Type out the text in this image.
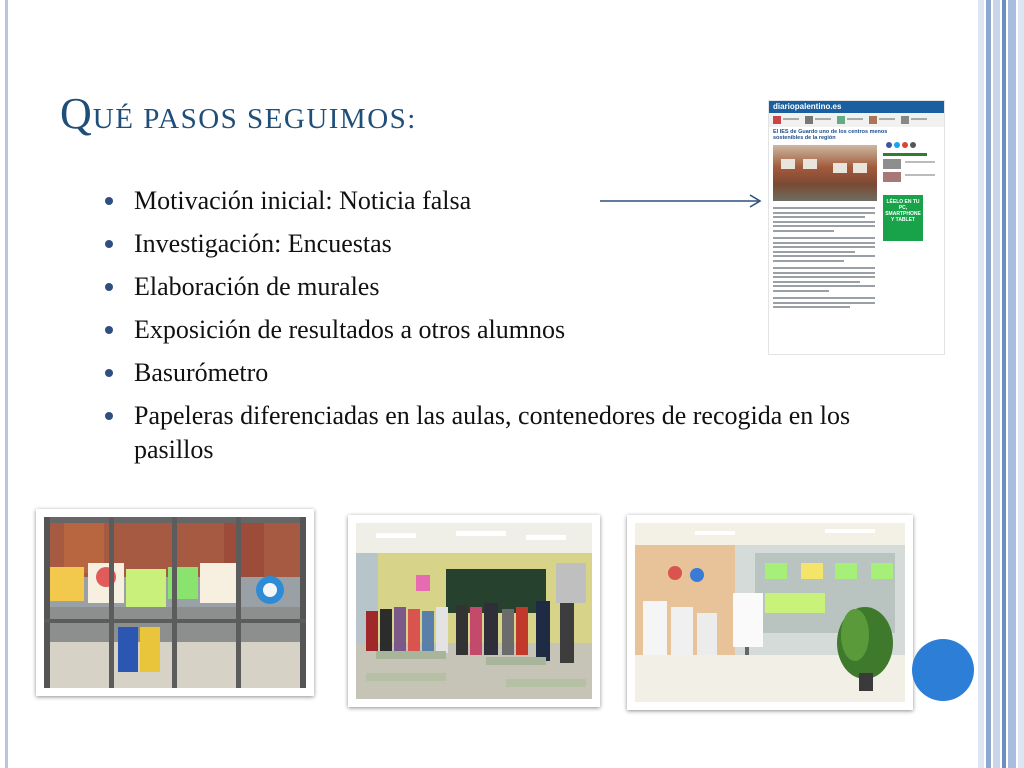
QUÉ PASOS SEGUIMOS:
Motivación inicial: Noticia falsa
Investigación: Encuestas
Elaboración de murales
Exposición de resultados a otros alumnos
Basurómetro
Papeleras diferenciadas en las aulas, contenedores de recogida en los pasillos
diariopalentino.es
El IES de Guardo uno de los centros menos sostenibles de la región
LÉELO EN TU PC, SMARTPHONE Y TABLET
